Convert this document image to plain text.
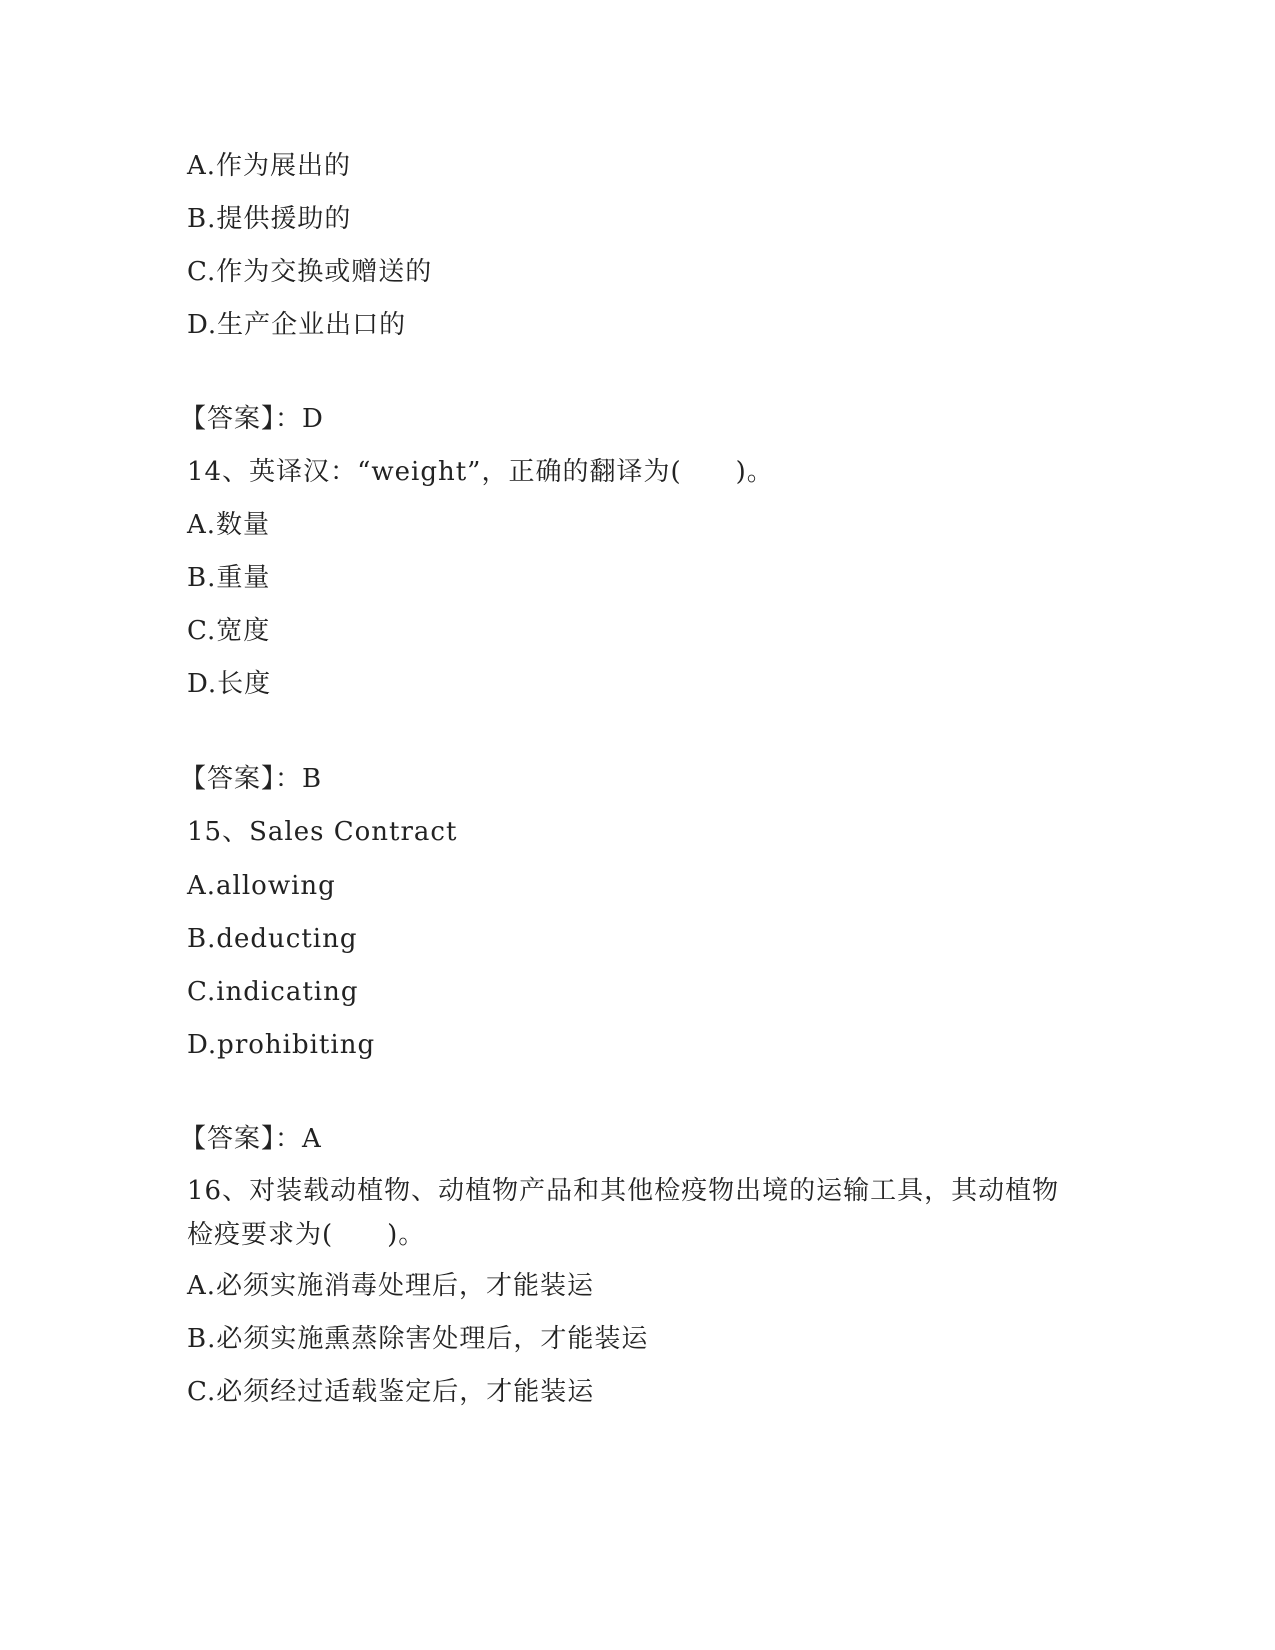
A.作为展出的
B.提供援助的
C.作为交换或赠送的
D.生产企业出口的
【答案】：D
14、英译汉：“weight”，正确的翻译为(　　)。
A.数量
B.重量
C.宽度
D.长度
【答案】：B
15、Sales Contract
A.allowing
B.deducting
C.indicating
D.prohibiting
【答案】：A
16、对装载动植物、动植物产品和其他检疫物出境的运输工具，其动植物检疫要求为(　　)。
A.必须实施消毒处理后，才能装运
B.必须实施熏蒸除害处理后，才能装运
C.必须经过适载鉴定后，才能装运
